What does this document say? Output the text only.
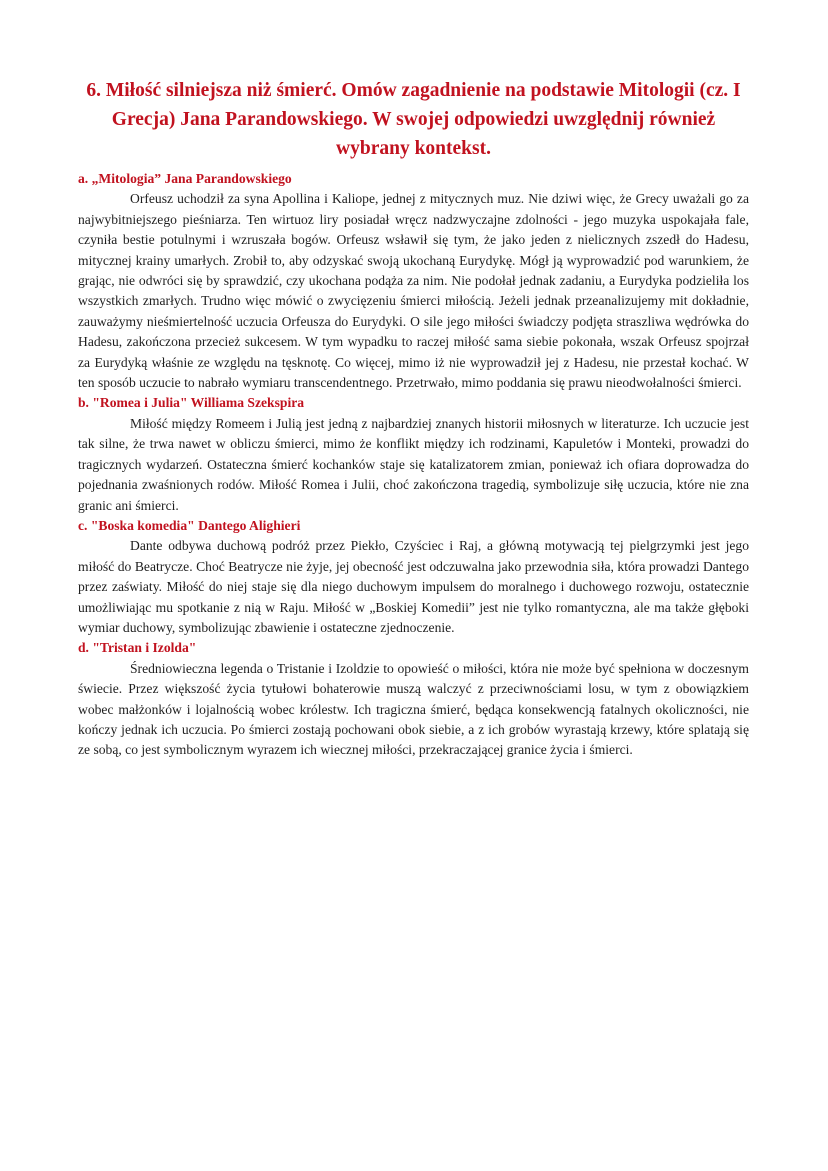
6. Miłość silniejsza niż śmierć. Omów zagadnienie na podstawie Mitologii (cz. I Grecja) Jana Parandowskiego. W swojej odpowiedzi uwzględnij również wybrany kontekst.

a. „Mitologia” Jana Parandowskiego

Orfeusz uchodził za syna Apollina i Kaliope, jednej z mitycznych muz. Nie dziwi więc, że Grecy uważali go za najwybitniejszego pieśniarza. Ten wirtuoz liry posiadał wręcz nadzwyczajne zdolności - jego muzyka uspokajała fale, czyniła bestie potulnymi i wzruszała bogów. Orfeusz wsławił się tym, że jako jeden z nielicznych zszedł do Hadesu, mitycznej krainy umarłych. Zrobił to, aby odzyskać swoją ukochaną Eurydykę. Mógł ją wyprowadzić pod warunkiem, że grając, nie odwróci się by sprawdzić, czy ukochana podąża za nim. Nie podołał jednak zadaniu, a Eurydyka podzieliła los wszystkich zmarłych. Trudno więc mówić o zwycięzeniu śmierci miłością. Jeżeli jednak przeanalizujemy mit dokładnie, zauważymy nieśmiertelność uczucia Orfeusza do Eurydyki. O sile jego miłości świadczy podjęta straszliwa wędrówka do Hadesu, zakończona przecież sukcesem. W tym wypadku to raczej miłość sama siebie pokonała, wszak Orfeusz spojrzał za Eurydyką właśnie ze względu na tęsknotę. Co więcej, mimo iż nie wyprowadził jej z Hadesu, nie przestał kochać. W ten sposób uczucie to nabrało wymiaru transcendentnego. Przetrwało, mimo poddania się prawu nieodwołalności śmierci.

b. "Romea i Julia" Williama Szekspira

Miłość między Romeem i Julią jest jedną z najbardziej znanych historii miłosnych w literaturze. Ich uczucie jest tak silne, że trwa nawet w obliczu śmierci, mimo że konflikt między ich rodzinami, Kapuletów i Monteki, prowadzi do tragicznych wydarzeń. Ostateczna śmierć kochanków staje się katalizatorem zmian, ponieważ ich ofiara doprowadza do pojednania zwaśnionych rodów. Miłość Romea i Julii, choć zakończona tragedią, symbolizuje siłę uczucia, które nie zna granic ani śmierci.

c. "Boska komedia" Dantego Alighieri

Dante odbywa duchową podróż przez Piekło, Czyściec i Raj, a główną motywacją tej pielgrzymki jest jego miłość do Beatrycze. Choć Beatrycze nie żyje, jej obecność jest odczuwalna jako przewodnia siła, która prowadzi Dantego przez zaświaty. Miłość do niej staje się dla niego duchowym impulsem do moralnego i duchowego rozwoju, ostatecznie umożliwiając mu spotkanie z nią w Raju. Miłość w „Boskiej Komedii” jest nie tylko romantyczna, ale ma także głęboki wymiar duchowy, symbolizując zbawienie i ostateczne zjednoczenie.

d. "Tristan i Izolda"

Średniowieczna legenda o Tristanie i Izoldzie to opowieść o miłości, która nie może być spełniona w doczesnym świecie. Przez większość życia tytułowi bohaterowie muszą walczyć z przeciwnościami losu, w tym z obowiązkiem wobec małżonków i lojalnością wobec królestw. Ich tragiczna śmierć, będąca konsekwencją fatalnych okoliczności, nie kończy jednak ich uczucia. Po śmierci zostają pochowani obok siebie, a z ich grobów wyrastają krzewy, które splatają się ze sobą, co jest symbolicznym wyrazem ich wiecznej miłości, przekraczającej granice życia i śmierci.
